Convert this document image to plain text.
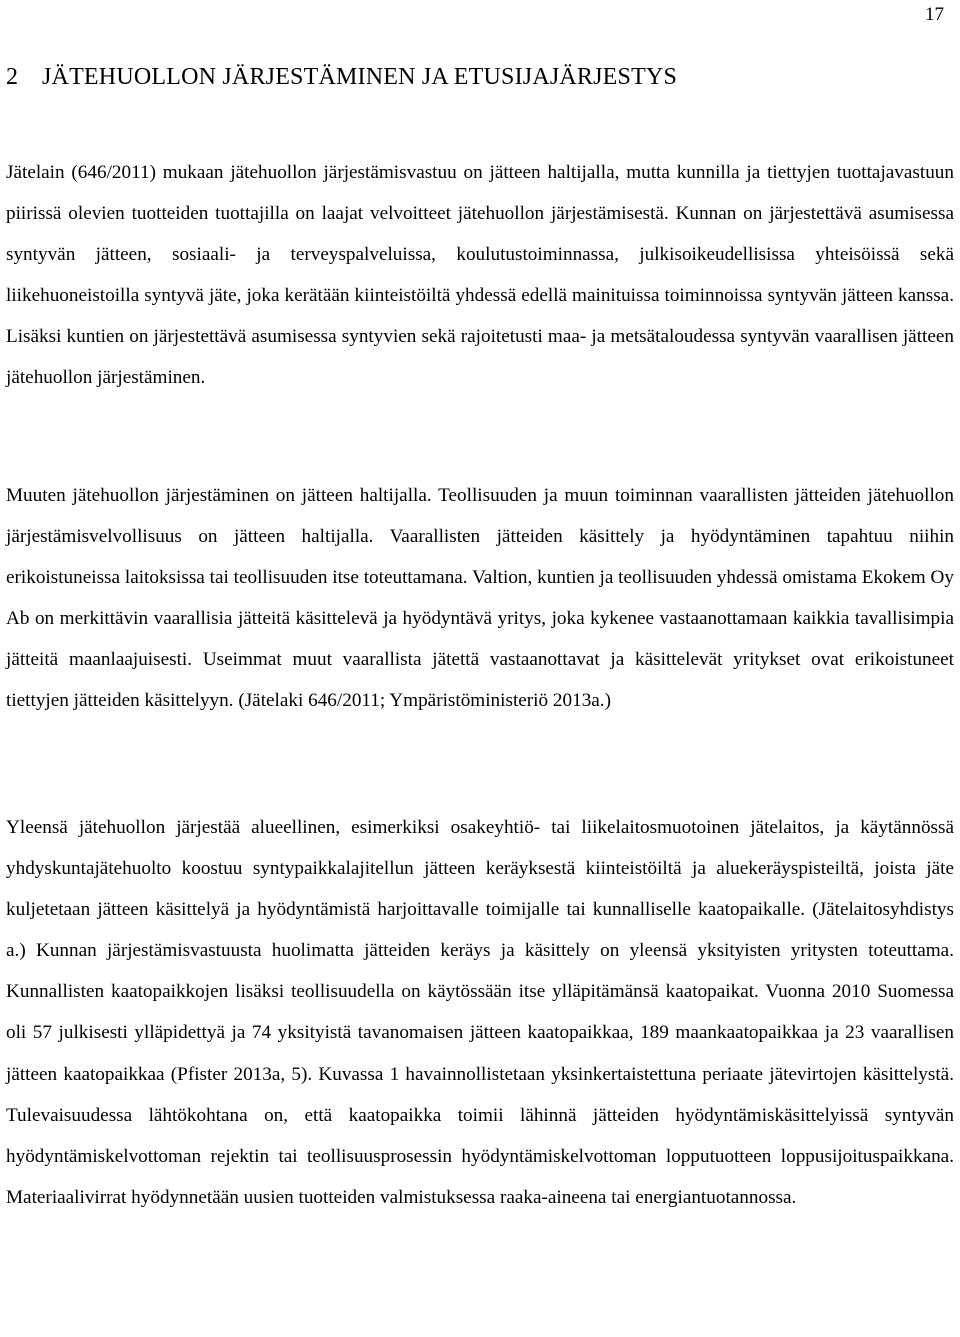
17
2 JÄTEHUOLLON JÄRJESTÄMINEN JA ETUSIJAJÄRJESTYS

Jätelain (646/2011) mukaan jätehuollon järjestämisvastuu on jätteen haltijalla, mutta kunnilla ja tiettyjen tuottajavastuun piirissä olevien tuotteiden tuottajilla on laajat velvoitteet jätehuollon järjestämisestä. Kunnan on järjestettävä asumisessa syntyvän jätteen, sosiaali- ja terveyspalveluissa, koulutustoiminnassa, julkisoikeudellisissa yhteisöissä sekä liikehuoneistoilla syntyvä jäte, joka kerätään kiinteistöiltä yhdessä edellä mainituissa toiminnoissa syntyvän jätteen kanssa. Lisäksi kuntien on järjestettävä asumisessa syntyvien sekä rajoitetusti maa- ja metsätaloudessa syntyvän vaarallisen jätteen jätehuollon järjestäminen.

Muuten jätehuollon järjestäminen on jätteen haltijalla. Teollisuuden ja muun toiminnan vaarallisten jätteiden jätehuollon järjestämisvelvollisuus on jätteen haltijalla. Vaarallisten jätteiden käsittely ja hyödyntäminen tapahtuu niihin erikoistuneissa laitoksissa tai teollisuuden itse toteuttamana. Valtion, kuntien ja teollisuuden yhdessä omistama Ekokem Oy Ab on merkittävin vaarallisia jätteitä käsittelevä ja hyödyntävä yritys, joka kykenee vastaanottamaan kaikkia tavallisimpia jätteitä maanlaajuisesti. Useimmat muut vaarallista jätettä vastaanottavat ja käsittelevät yritykset ovat erikoistuneet tiettyjen jätteiden käsittelyyn. (Jätelaki 646/2011; Ympäristöministeriö 2013a.)

Yleensä jätehuollon järjestää alueellinen, esimerkiksi osakeyhtiö- tai liikelaitosmuotoinen jätelaitos, ja käytännössä yhdyskuntajätehuolto koostuu syntypaikkalajitellun jätteen keräyksestä kiinteistöiltä ja aluekeräyspisteiltä, joista jäte kuljetetaan jätteen käsittelyä ja hyödyntämistä harjoittavalle toimijalle tai kunnalliselle kaatopaikalle. (Jätelaitosyhdistys a.) Kunnan järjestämisvastuusta huolimatta jätteiden keräys ja käsittely on yleensä yksityisten yritysten toteuttama. Kunnallisten kaatopaikkojen lisäksi teollisuudella on käytössään itse ylläpitämänsä kaatopaikat. Vuonna 2010 Suomessa oli 57 julkisesti ylläpidettyä ja 74 yksityistä tavanomaisen jätteen kaatopaikkaa, 189 maankaatopaikkaa ja 23 vaarallisen jätteen kaatopaikkaa (Pfister 2013a, 5). Kuvassa 1 havainnollistetaan yksinkertaistettuna periaate jätevirtojen käsittelystä. Tulevaisuudessa lähtökohtana on, että kaatopaikka toimii lähinnä jätteiden hyödyntämiskäsittelyissä syntyvän hyödyntämiskelvottoman rejektin tai teollisuusprosessin hyödyntämiskelvottoman lopputuotteen loppusijoituspaikkana. Materiaalivirrat hyödynnetään uusien tuotteiden valmistuksessa raaka-aineena tai energiantuotannossa.
